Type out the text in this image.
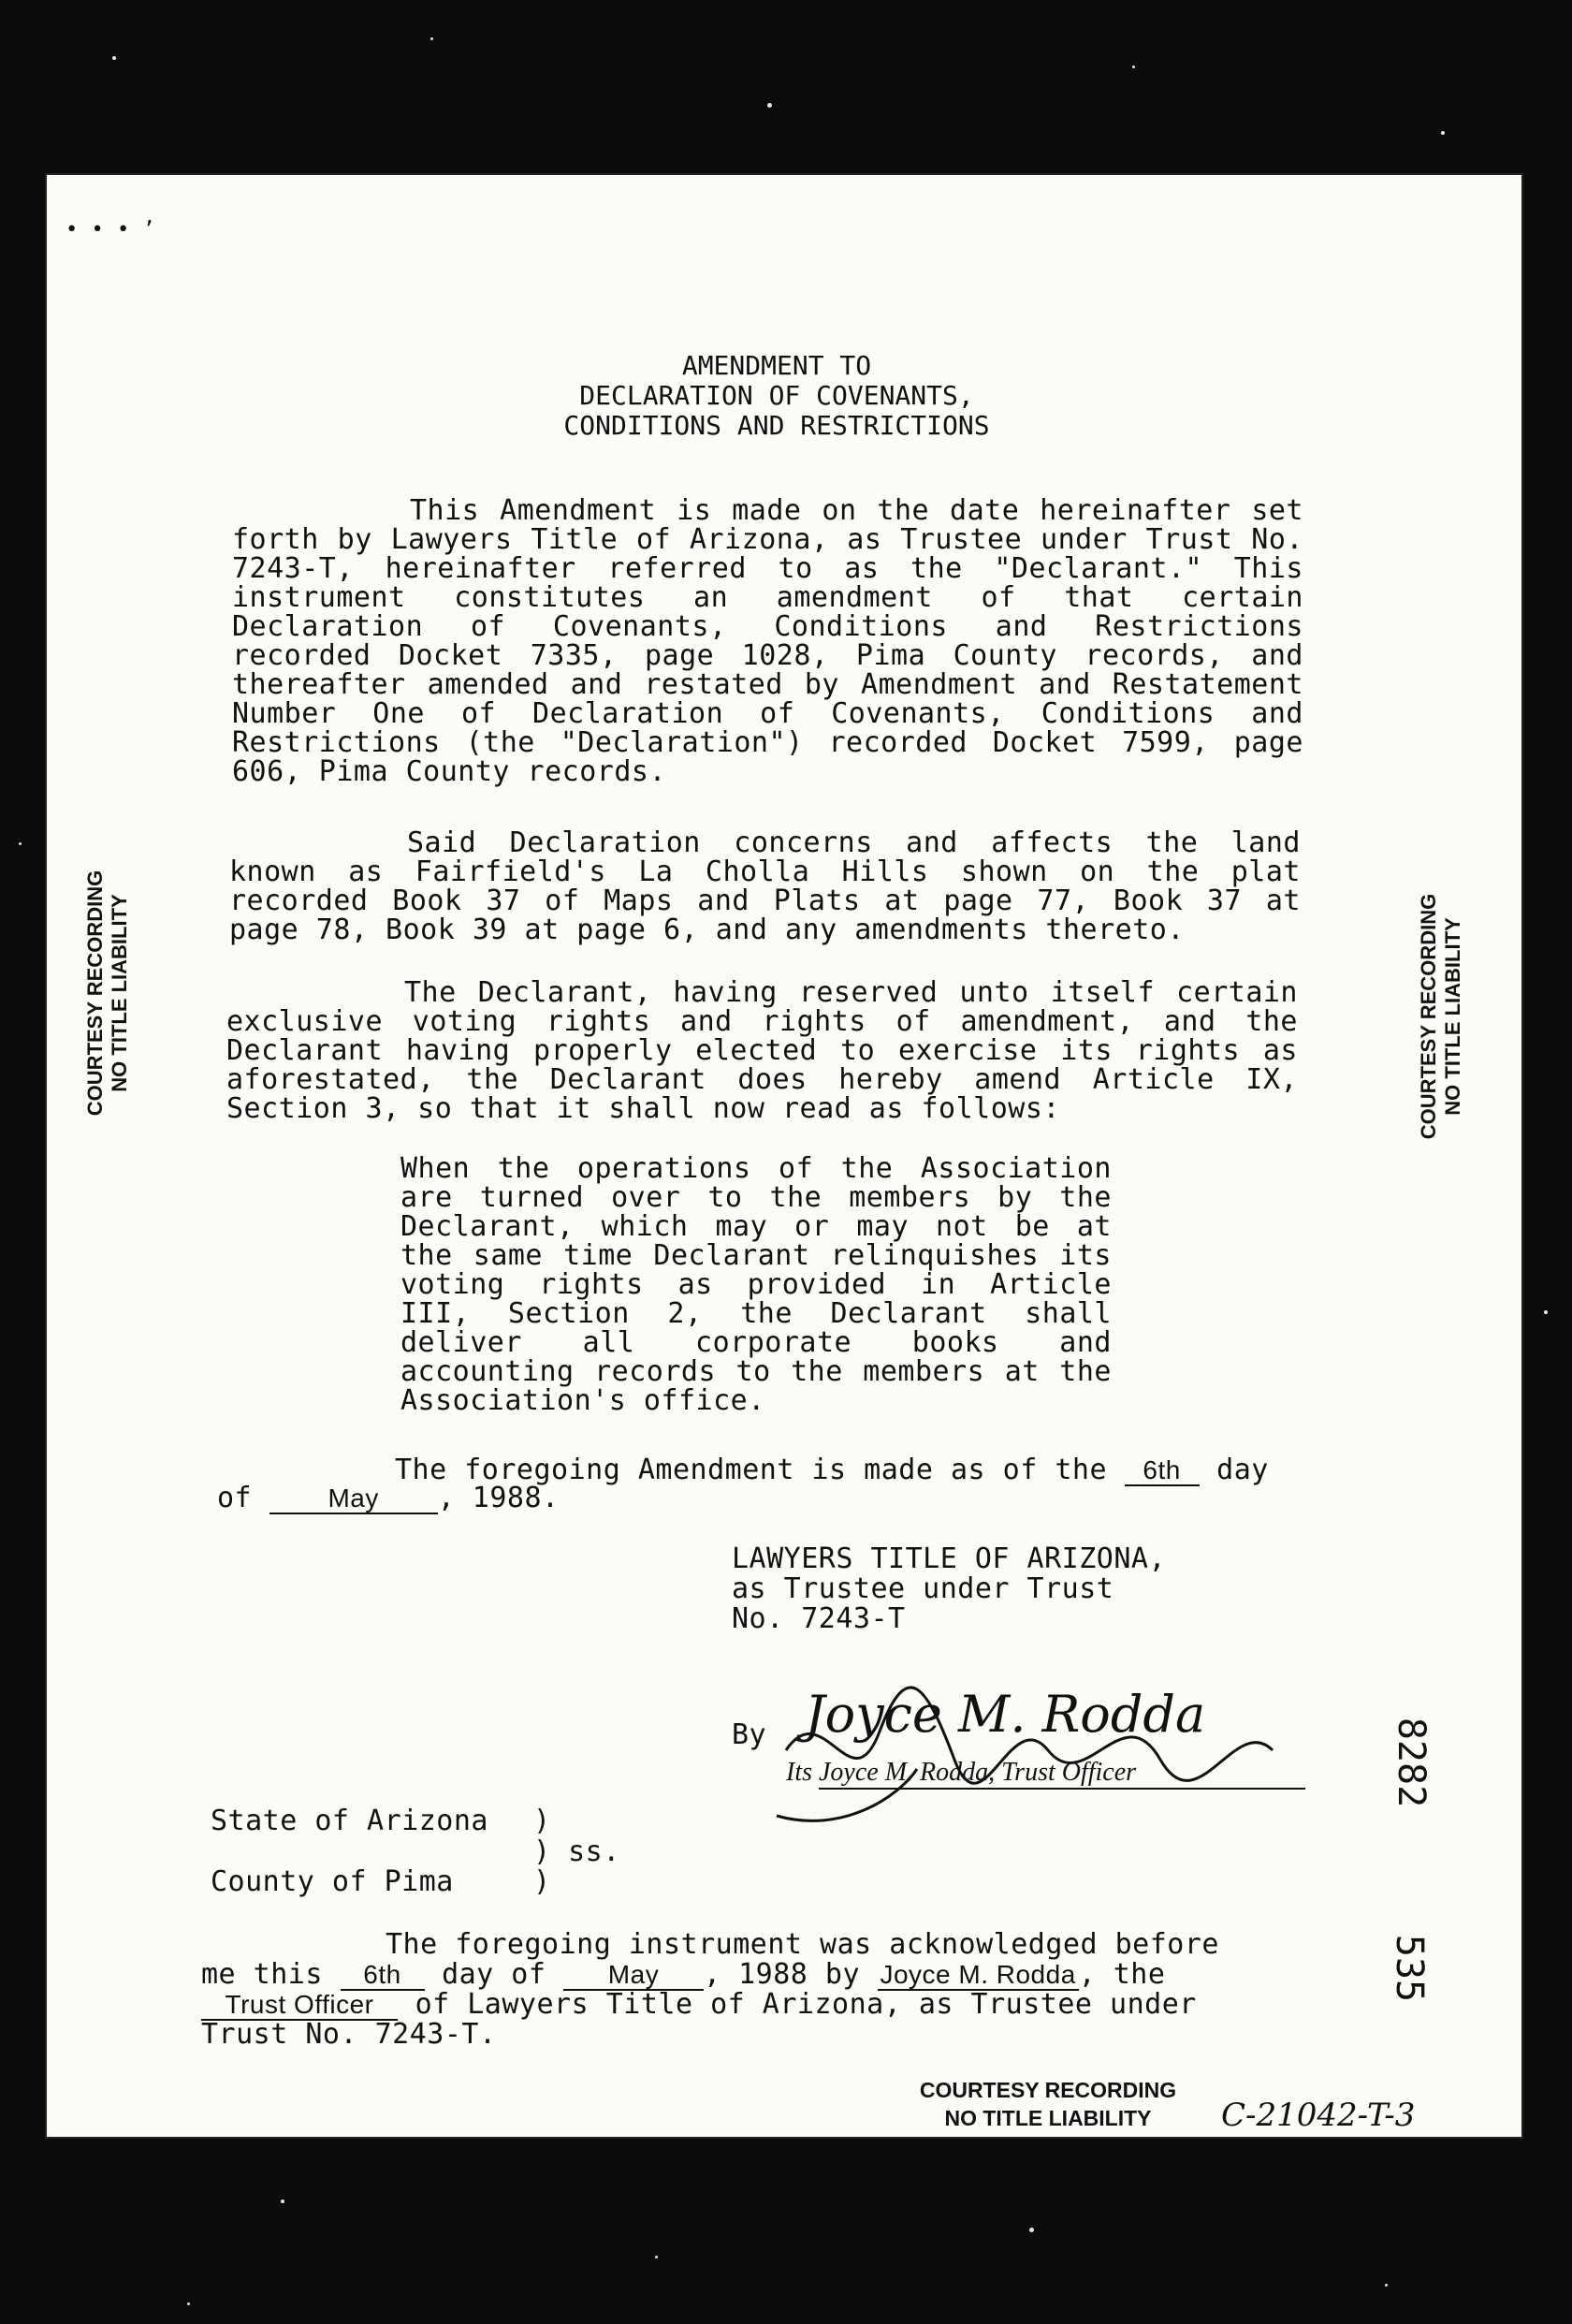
• • • ’
AMENDMENT TO
DECLARATION OF COVENANTS,
CONDITIONS AND RESTRICTIONS
This Amendment is made on the date hereinafter set forth by Lawyers Title of Arizona, as Trustee under Trust No. 7243-T, hereinafter referred to as the "Declarant." This instrument constitutes an amendment of that certain Declaration of Covenants, Conditions and Restrictions recorded Docket 7335, page 1028, Pima County records, and thereafter amended and restated by Amendment and Restatement Number One of Declaration of Covenants, Conditions and Restrictions (the "Declaration") recorded Docket 7599, page 606, Pima County records.
Said Declaration concerns and affects the land known as Fairfield's La Cholla Hills shown on the plat recorded Book 37 of Maps and Plats at page 77, Book 37 at page 78, Book 39 at page 6, and any amendments thereto.
The Declarant, having reserved unto itself certain exclusive voting rights and rights of amendment, and the Declarant having properly elected to exercise its rights as aforestated, the Declarant does hereby amend Article IX, Section 3, so that it shall now read as follows:
When the operations of the Association are turned over to the members by the Declarant, which may or may not be at the same time Declarant relinquishes its voting rights as provided in Article III, Section 2, the Declarant shall deliver all corporate books and accounting records to the members at the Association's office.
The foregoing Amendment is made as of the 6th day
of	May , 1988.
LAWYERS TITLE OF ARIZONA,
as Trustee under Trust
No. 7243-T
By Joyce M. Rodda
Its Joyce M. Rodda, Trust Officer
State of Arizona )
) ss.
County of Pima	)
The foregoing instrument was acknowledged before
me this 6th day of May , 1988 by Joyce M. Rodda, the
Trust Officer of Lawyers Title of Arizona, as Trustee under
Trust No. 7243-T.
COURTESY RECORDING NO TITLE LIABILITY	COURTESY RECORDING NO TITLE LIABILITY
COURTESY RECORDING
NO TITLE LIABILITY
8282
535
C-21042-T-3
